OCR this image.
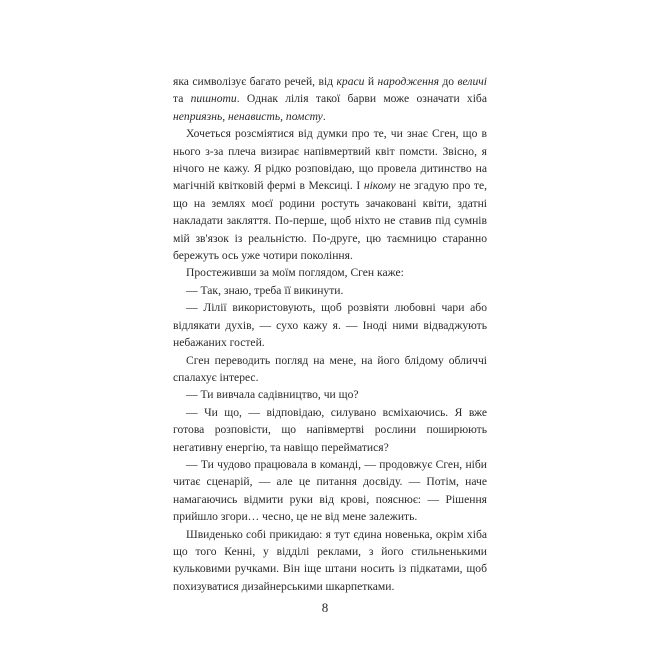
яка символізує багато речей, від краси й народження до величі та пишноти. Однак лілія такої барви може означати хіба неприязнь, ненависть, помсту.

Хочеться розсміятися від думки про те, чи знає Сген, що в нього з-за плеча визирає напівмертвий квіт помсти. Звісно, я нічого не кажу. Я рідко розповідаю, що провела дитинство на магічній квітковій фермі в Мексиці. І нікому не згадую про те, що на землях моєї родини ростуть зачаковані квіти, здатні накладати закляття. По-перше, щоб ніхто не ставив під сумнів мій зв'язок із реальністю. По-друге, цю таємницю старанно бережуть ось уже чотири покоління.

Простеживши за моїм поглядом, Сген каже:

— Так, знаю, треба її викинути.

— Лілії використовують, щоб розвіяти любовні чари або відлякати духів, — сухо кажу я. — Іноді ними відваджують небажаних гостей.

Сген переводить погляд на мене, на його блідому обличчі спалахує інтерес.

— Ти вивчала садівництво, чи що?

— Чи що, — відповідаю, силувано всміхаючись. Я вже готова розповісти, що напівмертві рослини поширюють негативну енергію, та навіщо перейматися?

— Ти чудово працювала в команді, — продовжує Сген, ніби читає сценарій, — але це питання досвіду. — Потім, наче намагаючись відмити руки від крові, пояснює: — Рішення прийшло згори… чесно, це не від мене залежить.

Швиденько собі прикидаю: я тут єдина новенька, окрім хіба що того Кенні, у відділі реклами, з його стильненькими кульковими ручками. Він іще штани носить із підкатами, щоб похизуватися дизайнерськими шкарпетками.

8
